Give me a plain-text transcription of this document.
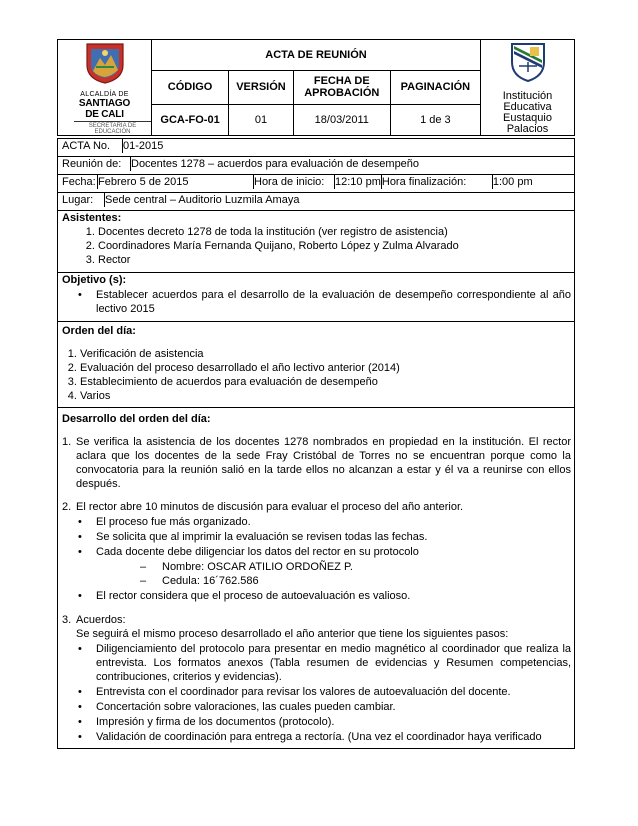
ALCALDÍA DE
SANTIAGO DE CALI
SECRETARÍA DE EDUCACIÓN	ACTA DE REUNIÓN				Institución Educativa Eustaquio Palacios

	CÓDIGO	VERSIÓN	FECHA DE APROBACIÓN	PAGINACIÓN	
	GCA-FO-01	01	18/03/2011	1 de 3	
ACTA No.	01-2015

Reunión de:	Docentes 1278 – acuerdos para evaluación de desempeño

Fecha:	Febrero 5 de 2015	Hora de inicio:	12:10 pm	Hora finalización:	1:00 pm

Lugar:	Sede central – Auditorio Luzmila Amaya

Asistentes:
1. Docentes decreto 1278 de toda la institución (ver registro de asistencia)
2. Coordinadores María Fernanda Quijano, Roberto López y Zulma Alvarado
3. Rector

Objetivo (s):
• Establecer acuerdos para el desarrollo de la evaluación de desempeño correspondiente al año lectivo 2015

Orden del día:
1. Verificación de asistencia
2. Evaluación del proceso desarrollado el año lectivo anterior (2014)
3. Establecimiento de acuerdos para evaluación de desempeño
4. Varios

Desarrollo del orden del día:
1. Se verifica la asistencia de los docentes 1278 nombrados en propiedad en la institución. El rector aclara que los docentes de la sede Fray Cristóbal de Torres no se encuentran porque como la convocatoria para la reunión salió en la tarde ellos no alcanzan a estar y él va a reunirse con ellos después.
2. El rector abre 10 minutos de discusión para evaluar el proceso del año anterior.
• El proceso fue más organizado.
• Se solicita que al imprimir la evaluación se revisen todas las fechas.
• Cada docente debe diligenciar los datos del rector en su protocolo
– Nombre: OSCAR ATILIO ORDOÑEZ P.
– Cedula: 16´762.586
• El rector considera que el proceso de autoevaluación es valioso.
3. Acuerdos:
Se seguirá el mismo proceso desarrollado el año anterior que tiene los siguientes pasos:
• Diligenciamiento del protocolo para presentar en medio magnético al coordinador que realiza la entrevista. Los formatos anexos (Tabla resumen de evidencias y Resumen competencias, contribuciones, criterios y evidencias).
• Entrevista con el coordinador para revisar los valores de autoevaluación del docente.
• Concertación sobre valoraciones, las cuales pueden cambiar.
• Impresión y firma de los documentos (protocolo).
• Validación de coordinación para entrega a rectoría. (Una vez el coordinador haya verificado
